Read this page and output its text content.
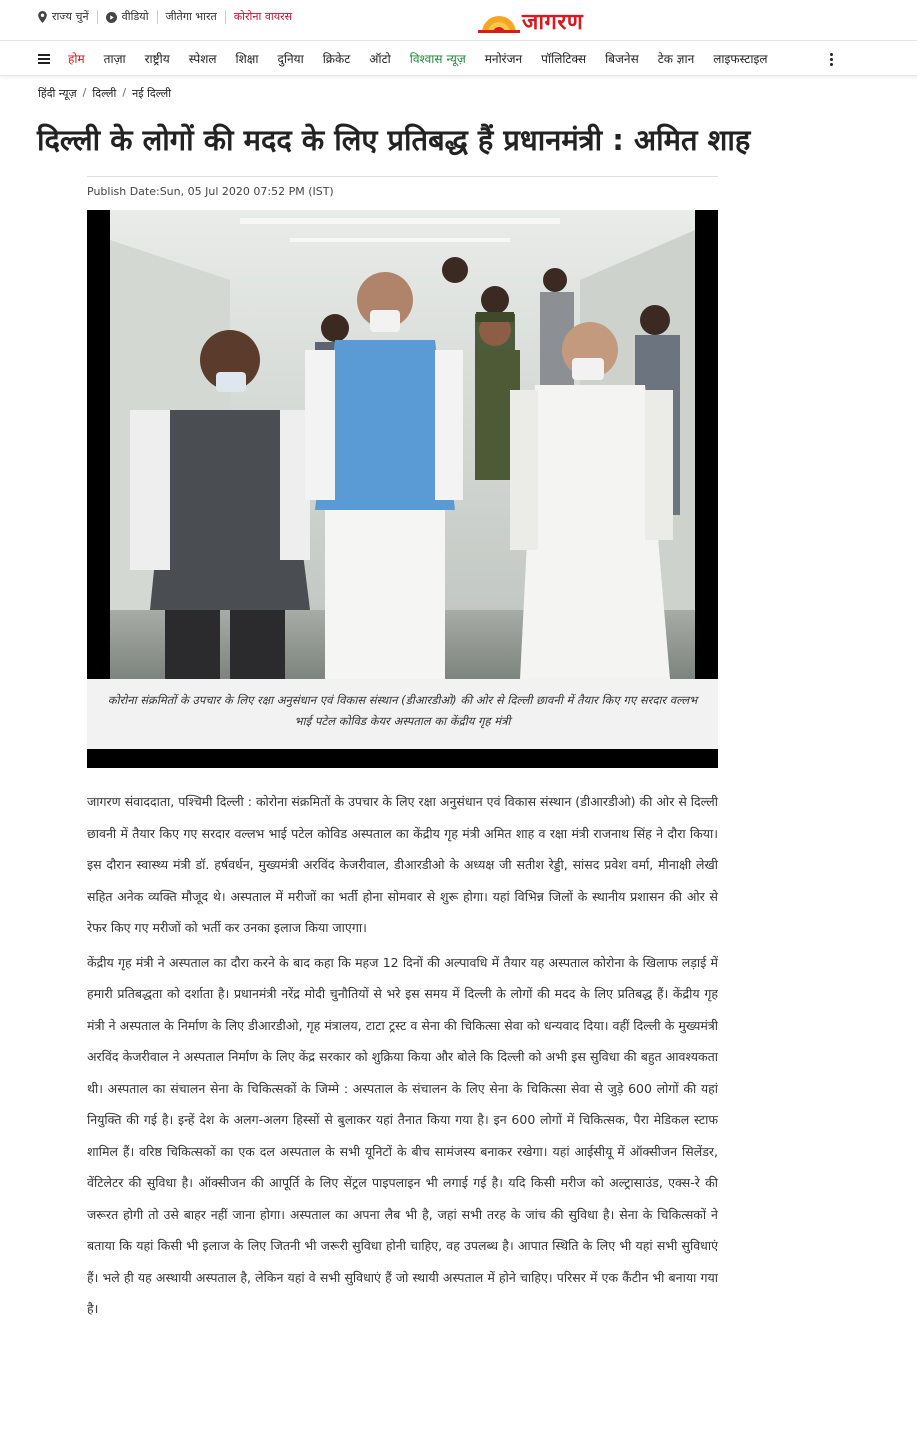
राज्य चुनें	वीडियो जीतेगा भारत कोरोना वायरस	जागरण
होम ताज़ा राष्ट्रीय स्पेशल शिक्षा दुनिया क्रिकेट ऑटो विश्वास न्यूज़ मनोरंजन पॉलिटिक्स बिजनेस टेक ज्ञान लाइफस्टाइल
हिंदी न्यूज़ / दिल्ली / नई दिल्ली
दिल्ली के लोगों की मदद के लिए प्रतिबद्ध हैं प्रधानमंत्री : अमित शाह
Publish Date:Sun, 05 Jul 2020 07:52 PM (IST)
कोरोना संक्रमितों के उपचार के लिए रक्षा अनुसंधान एवं विकास संस्थान (डीआरडीओ) की ओर से दिल्ली छावनी में तैयार किए गए सरदार वल्लभ भाई पटेल कोविड केयर अस्पताल का केंद्रीय गृह मंत्री

जागरण संवाददाता, पश्चिमी दिल्ली : कोरोना संक्रमितों के उपचार के लिए रक्षा अनुसंधान एवं विकास संस्थान (डीआरडीओ) की ओर से दिल्ली छावनी में तैयार किए गए सरदार वल्लभ भाई पटेल कोविड अस्पताल का केंद्रीय गृह मंत्री अमित शाह व रक्षा मंत्री राजनाथ सिंह ने दौरा किया। इस दौरान स्वास्थ्य मंत्री डॉ. हर्षवर्धन, मुख्यमंत्री अरविंद केजरीवाल, डीआरडीओ के अध्यक्ष जी सतीश रेड्डी, सांसद प्रवेश वर्मा, मीनाक्षी लेखी सहित अनेक व्यक्ति मौजूद थे। अस्पताल में मरीजों का भर्ती होना सोमवार से शुरू होगा। यहां विभिन्न जिलों के स्थानीय प्रशासन की ओर से रेफर किए गए मरीजों को भर्ती कर उनका इलाज किया जाएगा।

केंद्रीय गृह मंत्री ने अस्पताल का दौरा करने के बाद कहा कि महज 12 दिनों की अल्पावधि में तैयार यह अस्पताल कोरोना के खिलाफ लड़ाई में हमारी प्रतिबद्धता को दर्शाता है। प्रधानमंत्री नरेंद्र मोदी चुनौतियों से भरे इस समय में दिल्ली के लोगों की मदद के लिए प्रतिबद्ध हैं। केंद्रीय गृह मंत्री ने अस्पताल के निर्माण के लिए डीआरडीओ, गृह मंत्रालय, टाटा ट्रस्ट व सेना की चिकित्सा सेवा को धन्यवाद दिया। वहीं दिल्ली के मुख्यमंत्री अरविंद केजरीवाल ने अस्पताल निर्माण के लिए केंद्र सरकार को शुक्रिया किया और बोले कि दिल्ली को अभी इस सुविधा की बहुत आवश्यकता थी। अस्पताल का संचालन सेना के चिकित्सकों के जिम्मे : अस्पताल के संचालन के लिए सेना के चिकित्सा सेवा से जुड़े 600 लोगों की यहां नियुक्ति की गई है। इन्हें देश के अलग-अलग हिस्सों से बुलाकर यहां तैनात किया गया है। इन 600 लोगों में चिकित्सक, पैरा मेडिकल स्टाफ शामिल हैं। वरिष्ठ चिकित्सकों का एक दल अस्पताल के सभी यूनिटों के बीच सामंजस्य बनाकर रखेगा। यहां आईसीयू में ऑक्सीजन सिलेंडर, वेंटिलेटर की सुविधा है। ऑक्सीजन की आपूर्ति के लिए सेंट्रल पाइपलाइन भी लगाई गई है। यदि किसी मरीज को अल्ट्रासाउंड, एक्स-रे की जरूरत होगी तो उसे बाहर नहीं जाना होगा। अस्पताल का अपना लैब भी है, जहां सभी तरह के जांच की सुविधा है। सेना के चिकित्सकों ने बताया कि यहां किसी भी इलाज के लिए जितनी भी जरूरी सुविधा होनी चाहिए, वह उपलब्ध है। आपात स्थिति के लिए भी यहां सभी सुविधाएं हैं। भले ही यह अस्थायी अस्पताल है, लेकिन यहां वे सभी सुविधाएं हैं जो स्थायी अस्पताल में होने चाहिए। परिसर में एक कैंटीन भी बनाया गया है।
